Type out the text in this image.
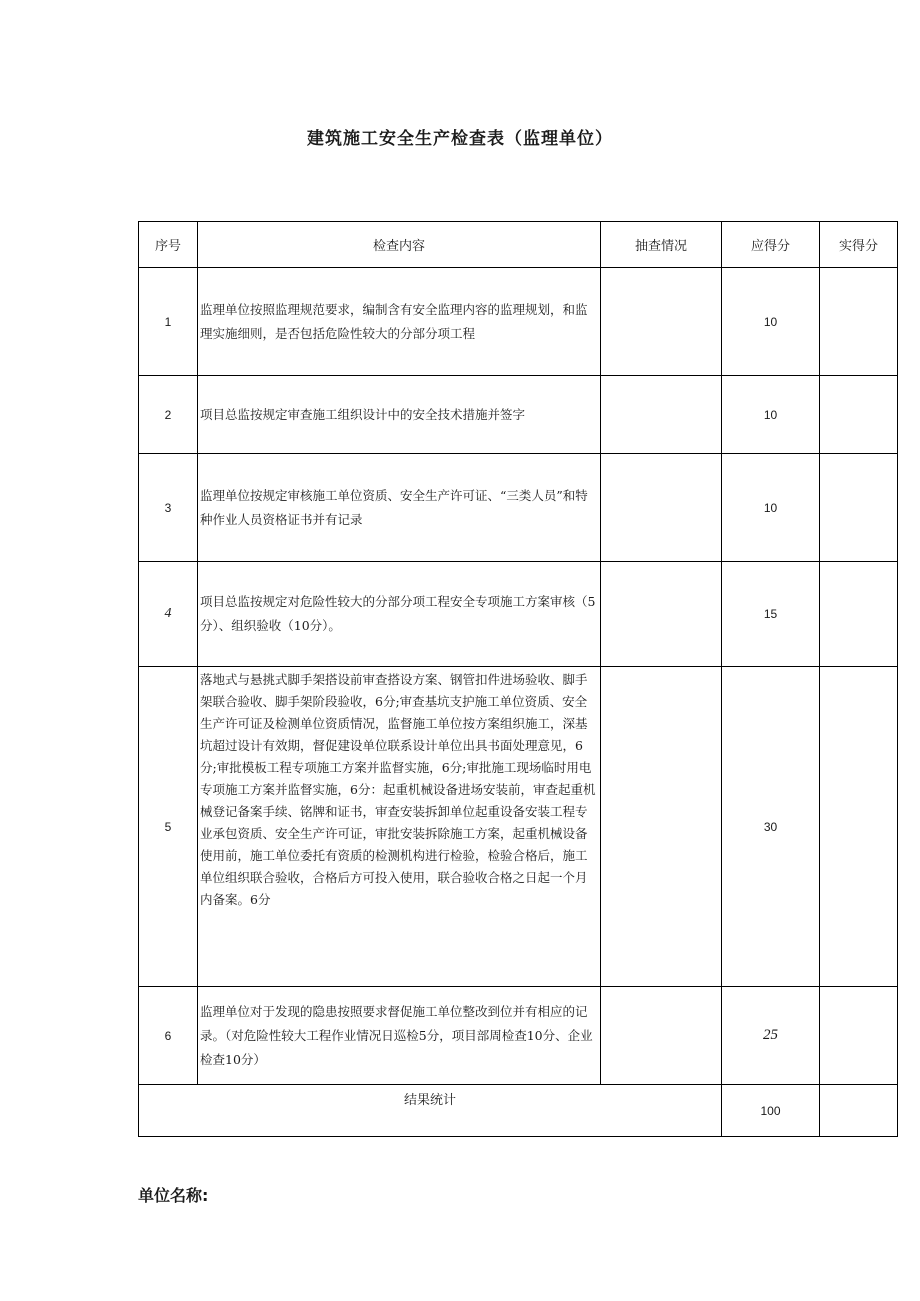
建筑施工安全生产检查表（监理单位）
序号	检查内容	抽查情况	应得分	实得分
1	监理单位按照监理规范要求，编制含有安全监理内容的监理规划，和监理实施细则，是否包括危险性较大的分部分项工程		10	
2	项目总监按规定审查施工组织设计中的安全技术措施并签字		10	
3	监理单位按规定审核施工单位资质、安全生产许可证、“三类人员”和特种作业人员资格证书并有记录		10	
4	项目总监按规定对危险性较大的分部分项工程安全专项施工方案审核（5分）、组织验收（10分）。		15	
5	落地式与悬挑式脚手架搭设前审查搭设方案、钢管扣件进场验收、脚手架联合验收、脚手架阶段验收，6分;审查基坑支护施工单位资质、安全生产许可证及检测单位资质情况，监督施工单位按方案组织施工，深基坑超过设计有效期，督促建设单位联系设计单位出具书面处理意见，6分;审批模板工程专项施工方案并监督实施，6分;审批施工现场临时用电专项施工方案并监督实施，6分：起重机械设备进场安装前，审查起重机械登记备案手续、铭牌和证书，审查安装拆卸单位起重设备安装工程专业承包资质、安全生产许可证，审批安装拆除施工方案，起重机械设备使用前，施工单位委托有资质的检测机构进行检验，检验合格后，施工单位组织联合验收，合格后方可投入使用，联合验收合格之日起一个月内备案。6分		30	
6	监理单位对于发现的隐患按照要求督促施工单位整改到位并有相应的记录。（对危险性较大工程作业情况日巡检5分，项目部周检查10分、企业检查10分）		25	
结果统计			100	
单位名称:
